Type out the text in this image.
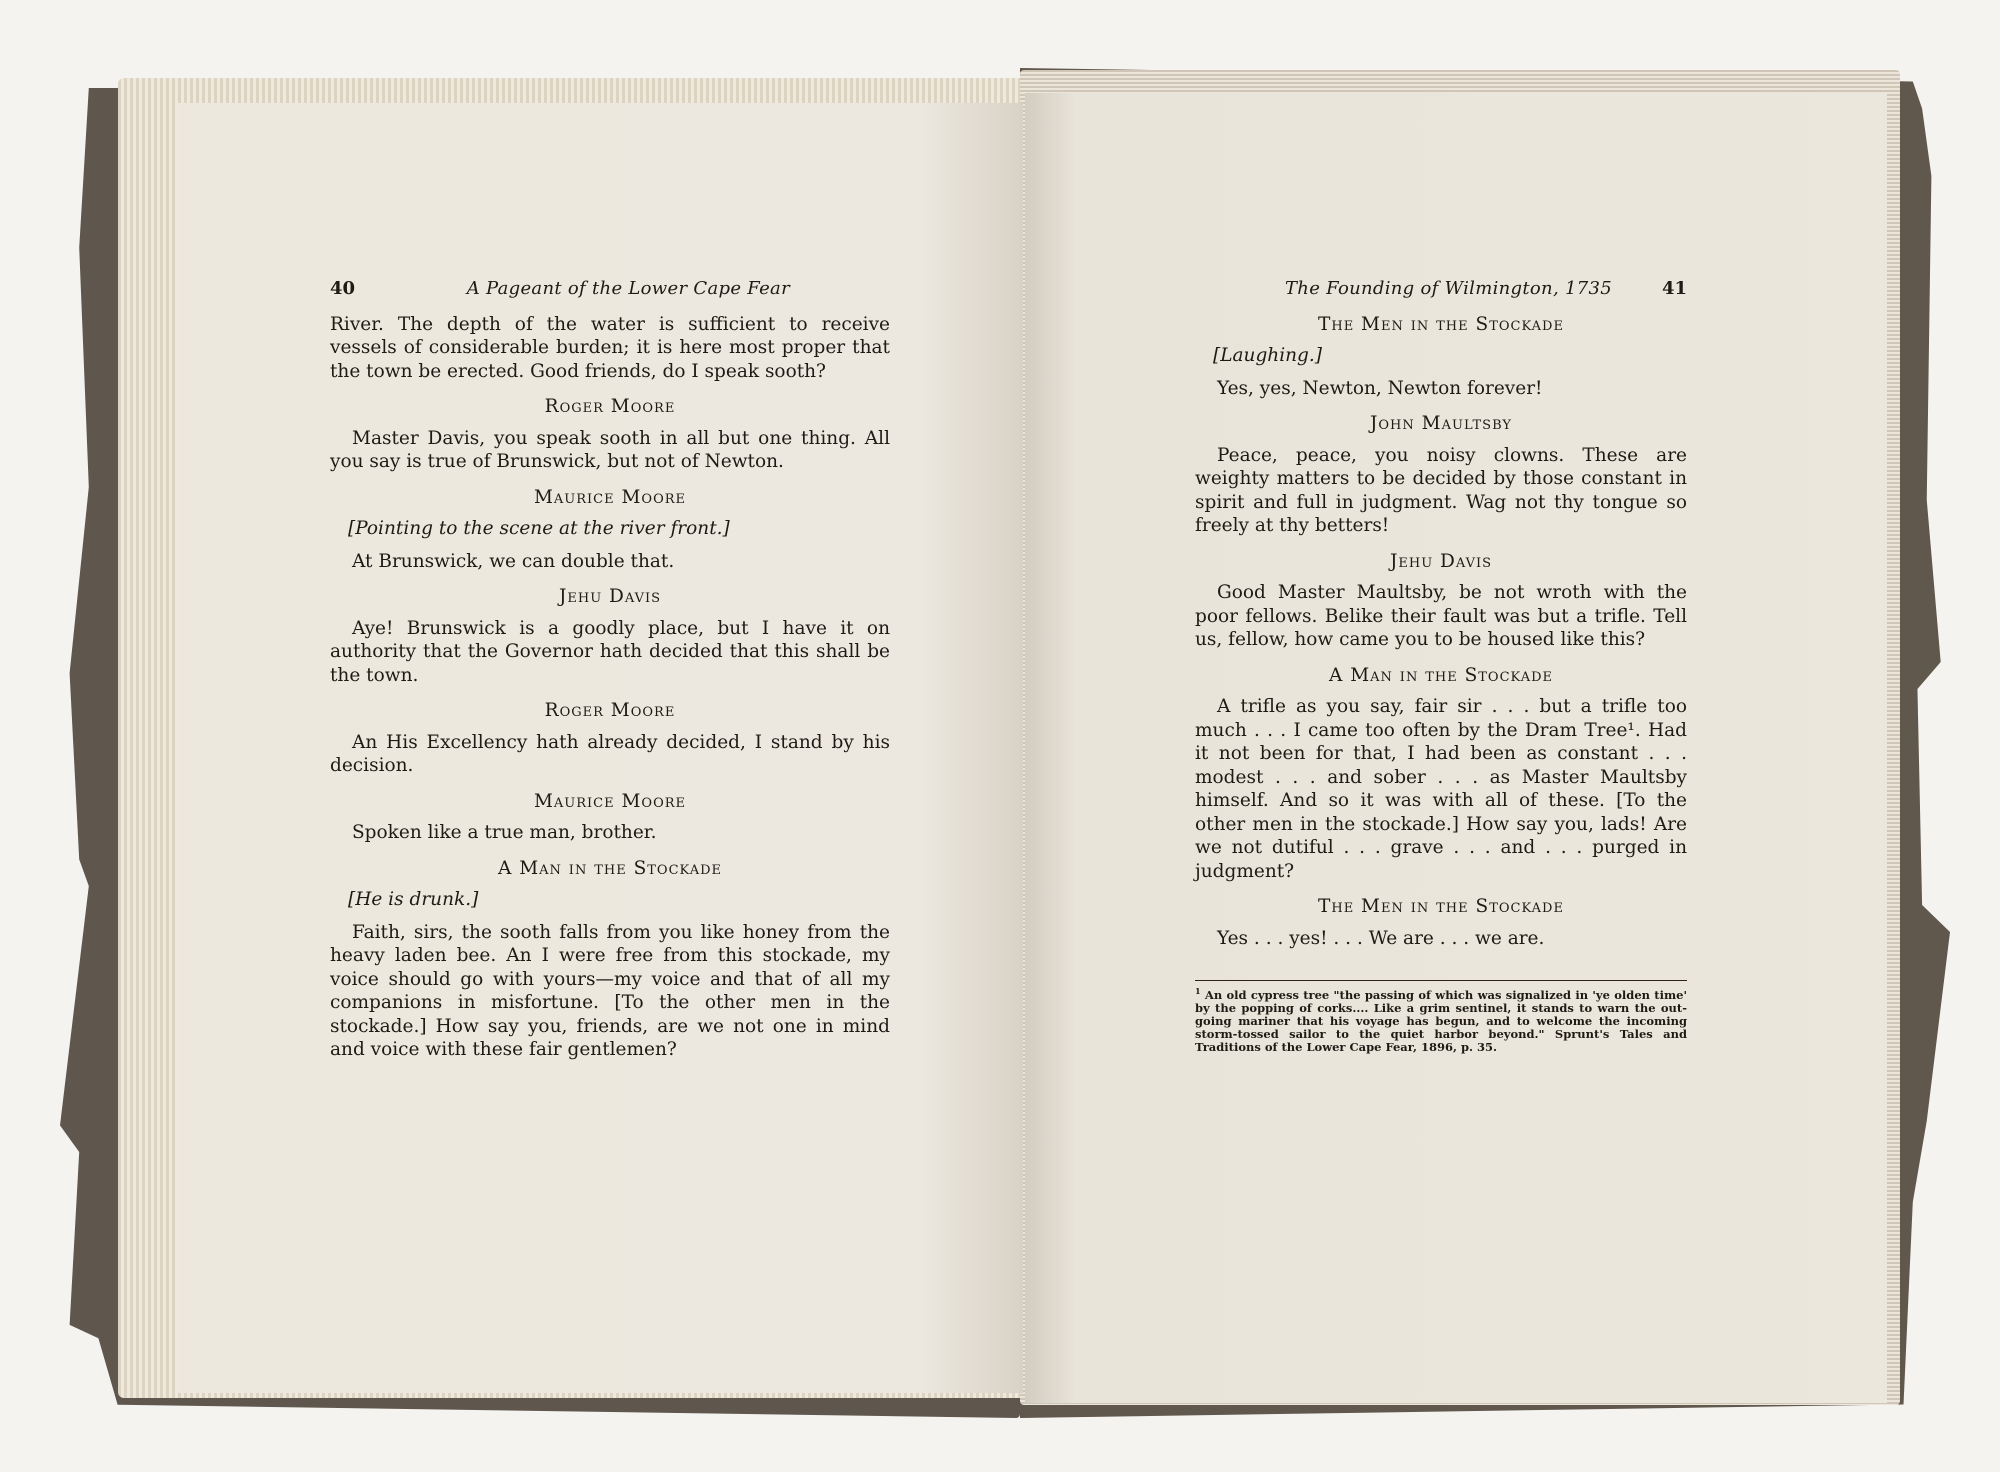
40	A Pageant of the Lower Cape Fear

River. The depth of the water is sufficient to receive vessels of considerable burden; it is here most proper that the town be erected. Good friends, do I speak sooth?

Roger Moore

Master Davis, you speak sooth in all but one thing. All you say is true of Brunswick, but not of Newton.

Maurice Moore
[Pointing to the scene at the river front.]

At Brunswick, we can double that.

Jehu Davis

Aye! Brunswick is a goodly place, but I have it on authority that the Governor hath decided that this shall be the town.

Roger Moore

An His Excellency hath already decided, I stand by his decision.

Maurice Moore

Spoken like a true man, brother.

A Man in the Stockade
[He is drunk.]

Faith, sirs, the sooth falls from you like honey from the heavy laden bee. An I were free from this stockade, my voice should go with yours—my voice and that of all my companions in misfortune. [To the other men in the stockade.] How say you, friends, are we not one in mind and voice with these fair gentlemen?

The Founding of Wilmington, 1735	41
The Men in the Stockade
[Laughing.]

Yes, yes, Newton, Newton forever!

John Maultsby

Peace, peace, you noisy clowns. These are weighty matters to be decided by those constant in spirit and full in judgment. Wag not thy tongue so freely at thy betters!

Jehu Davis

Good Master Maultsby, be not wroth with the poor fellows. Belike their fault was but a trifle. Tell us, fellow, how came you to be housed like this?

A Man in the Stockade

A trifle as you say, fair sir . . . but a trifle too much . . . I came too often by the Dram Tree¹. Had it not been for that, I had been as constant . . . modest . . . and sober . . . as Master Maultsby himself. And so it was with all of these. [To the other men in the stockade.] How say you, lads! Are we not dutiful . . . grave . . . and . . . purged in judgment?

The Men in the Stockade

Yes . . . yes! . . . We are . . . we are.

$^1$ An old cypress tree "the passing of which was signalized in 'ye olden time' by the popping of corks.... Like a grim sentinel, it stands to warn the out-going mariner that his voyage has begun, and to welcome the incoming storm-tossed sailor to the quiet harbor beyond." Sprunt's Tales and Traditions of the Lower Cape Fear, 1896, p. 35.
